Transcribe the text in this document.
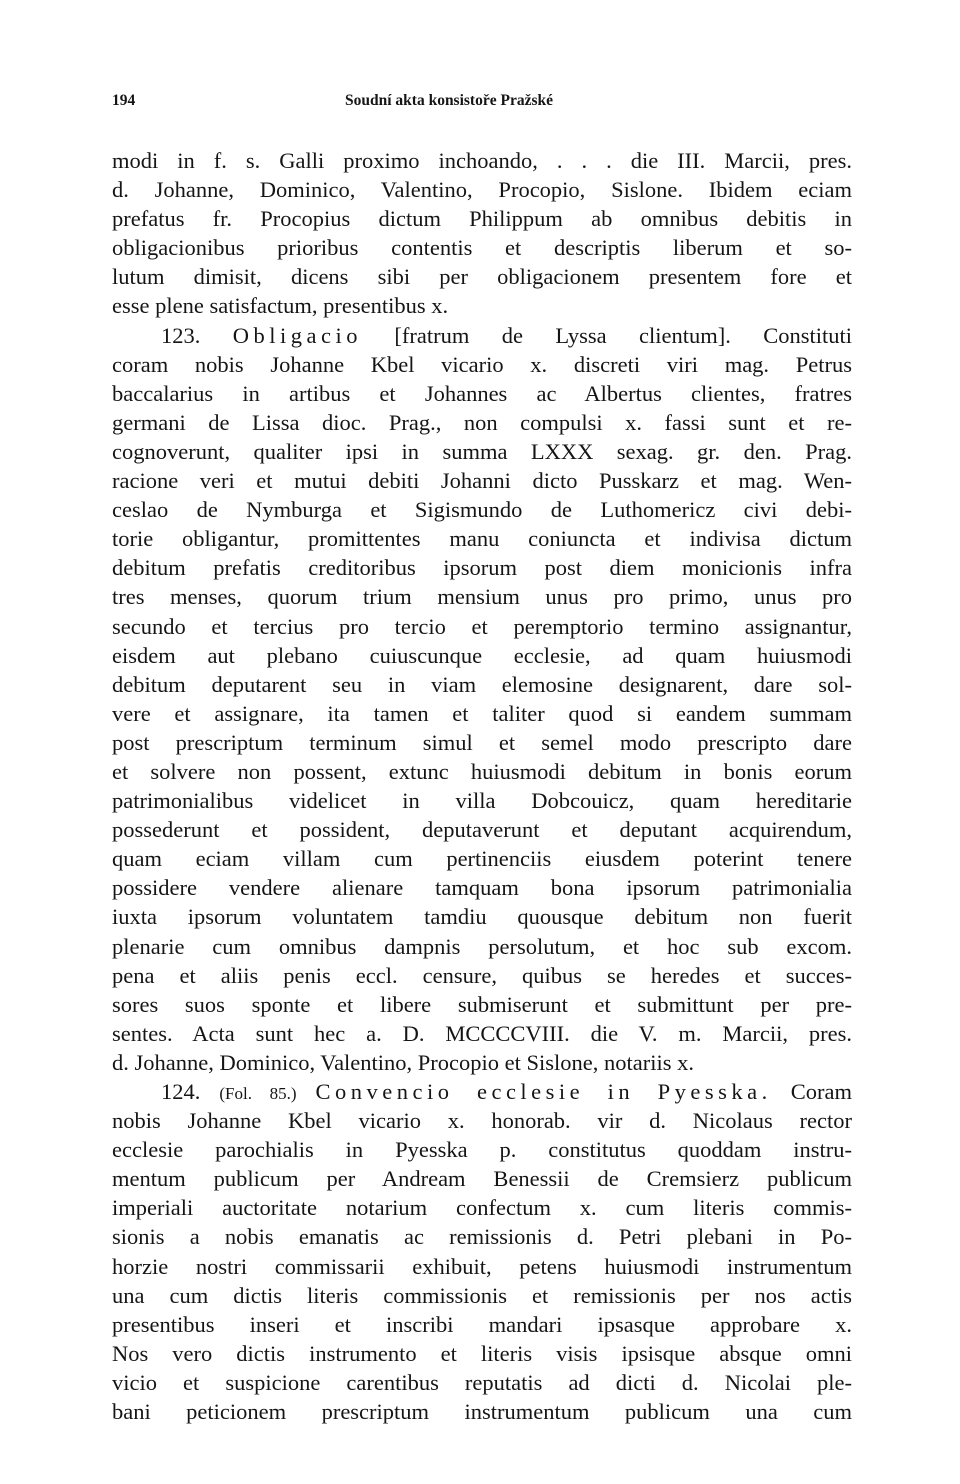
194	Soudní akta konsistoře Pražské
modi in f. s. Galli proximo inchoando, . . . die III. Marcii, pres.
d. Johanne, Dominico, Valentino, Procopio, Sislone. Ibidem eciam
prefatus fr. Procopius dictum Philippum ab omnibus debitis in
obligacionibus prioribus contentis et descriptis liberum et so-
lutum dimisit, dicens sibi per obligacionem presentem fore et
esse plene satisfactum, presentibus x.
123. Obligacio [fratrum de Lyssa clientum]. Constituti
coram nobis Johanne Kbel vicario x. discreti viri mag. Petrus
baccalarius in artibus et Johannes ac Albertus clientes, fratres
germani de Lissa dioc. Prag., non compulsi x. fassi sunt et re-
cognoverunt, qualiter ipsi in summa LXXX sexag. gr. den. Prag.
racione veri et mutui debiti Johanni dicto Pusskarz et mag. Wen-
ceslao de Nymburga et Sigismundo de Luthomericz civi debi-
torie obligantur, promittentes manu coniuncta et indivisa dictum
debitum prefatis creditoribus ipsorum post diem monicionis infra
tres menses, quorum trium mensium unus pro primo, unus pro
secundo et tercius pro tercio et peremptorio termino assignantur,
eisdem aut plebano cuiuscunque ecclesie, ad quam huiusmodi
debitum deputarent seu in viam elemosine designarent, dare sol-
vere et assignare, ita tamen et taliter quod si eandem summam
post prescriptum terminum simul et semel modo prescripto dare
et solvere non possent, extunc huiusmodi debitum in bonis eorum
patrimonialibus videlicet in villa Dobcouicz, quam hereditarie
possederunt et possident, deputaverunt et deputant acquirendum,
quam eciam villam cum pertinenciis eiusdem poterint tenere
possidere vendere alienare tamquam bona ipsorum patrimonialia
iuxta ipsorum voluntatem tamdiu quousque debitum non fuerit
plenarie cum omnibus dampnis persolutum, et hoc sub excom.
pena et aliis penis eccl. censure, quibus se heredes et succes-
sores suos sponte et libere submiserunt et submittunt per pre-
sentes. Acta sunt hec a. D. MCCCCVIII. die V. m. Marcii, pres.
d. Johanne, Dominico, Valentino, Procopio et Sislone, notariis x.
124. (Fol. 85.) Convencio ecclesie in Pyesska. Coram
nobis Johanne Kbel vicario x. honorab. vir d. Nicolaus rector
ecclesie parochialis in Pyesska p. constitutus quoddam instru-
mentum publicum per Andream Benessii de Cremsierz publicum
imperiali auctoritate notarium confectum x. cum literis commis-
sionis a nobis emanatis ac remissionis d. Petri plebani in Po-
horzie nostri commissarii exhibuit, petens huiusmodi instrumentum
una cum dictis literis commissionis et remissionis per nos actis
presentibus inseri et inscribi mandari ipsasque approbare x.
Nos vero dictis instrumento et literis visis ipsisque absque omni
vicio et suspicione carentibus reputatis ad dicti d. Nicolai ple-
bani peticionem prescriptum instrumentum publicum una cum
